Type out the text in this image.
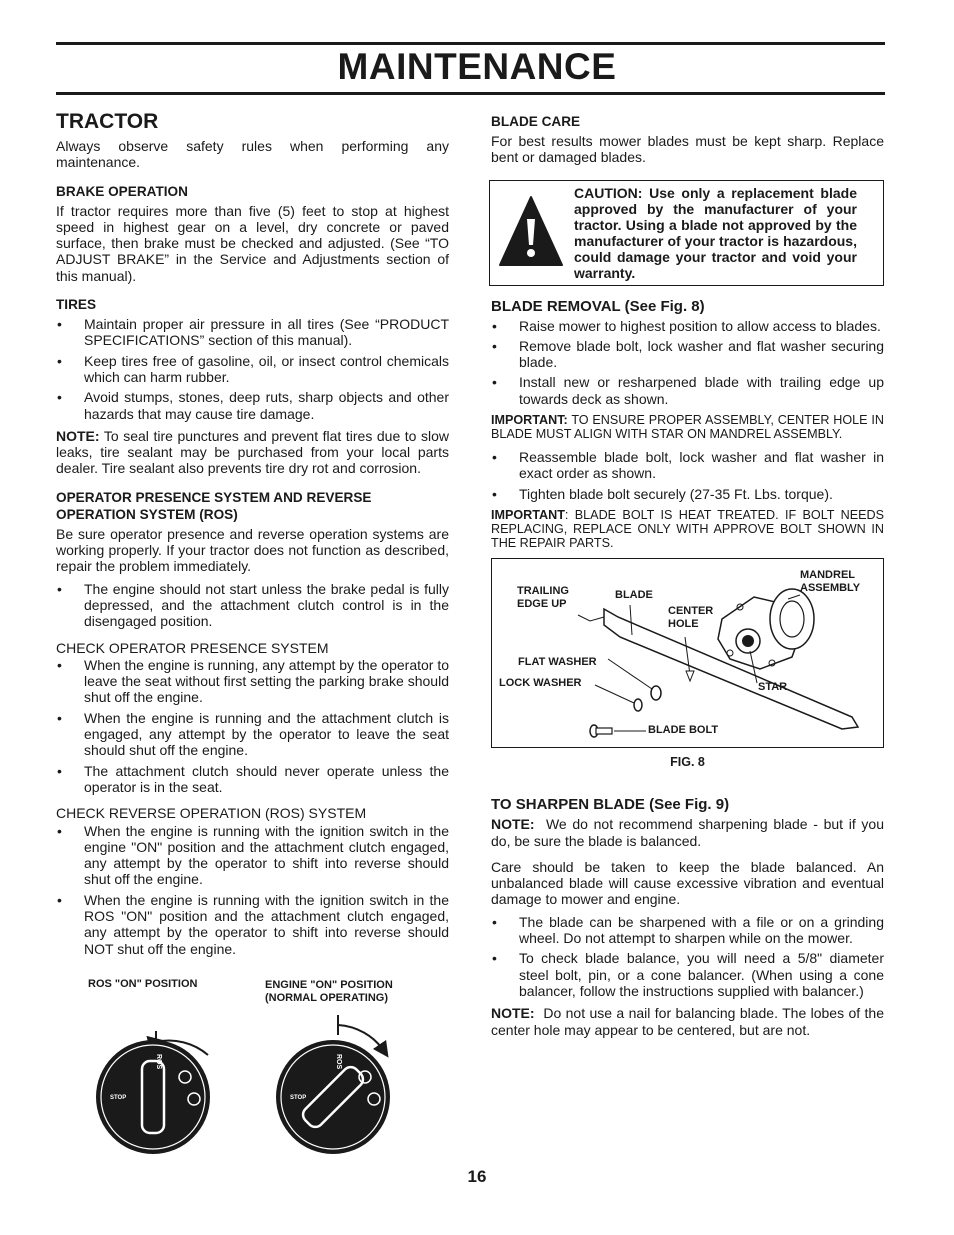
MAINTENANCE
TRACTOR

Always observe safety rules when performing any maintenance.

BRAKE OPERATION

If tractor requires more than five (5) feet to stop at highest speed in highest gear on a level, dry concrete or paved surface, then brake must be checked and adjusted. (See “TO ADJUST BRAKE” in the Service and Adjustments section of this manual).

TIRES
• Maintain proper air pressure in all tires (See “PRODUCT SPECIFICATIONS” section of this manual).
• Keep tires free of gasoline, oil, or insect control chemicals which can harm rubber.
• Avoid stumps, stones, deep ruts, sharp objects and other hazards that may cause tire damage.

NOTE: To seal tire punctures and prevent flat tires due to slow leaks, tire sealant may be purchased from your local parts dealer. Tire sealant also prevents tire dry rot and corrosion.

OPERATOR PRESENCE SYSTEM AND REVERSE OPERATION SYSTEM (ROS)

Be sure operator presence and reverse operation systems are working properly. If your tractor does not function as described, repair the problem immediately.

• The engine should not start unless the brake pedal is fully depressed, and the attachment clutch control is in the disengaged position.

CHECK OPERATOR PRESENCE SYSTEM

• When the engine is running, any attempt by the operator to leave the seat without first setting the parking brake should shut off the engine.
• When the engine is running and the attachment clutch is engaged, any attempt by the operator to leave the seat should shut off the engine.
• The attachment clutch should never operate unless the operator is in the seat.

CHECK REVERSE OPERATION (ROS) SYSTEM

• When the engine is running with the ignition switch in the engine "ON" position and the attachment clutch engaged, any attempt by the operator to shift into reverse should shut off the engine.
• When the engine is running with the ignition switch in the ROS "ON" position and the attachment clutch engaged, any attempt by the operator to shift into reverse should NOT shut off the engine.
ROS "ON" POSITION	ENGINE "ON" POSITION
(NORMAL OPERATING)
STOP
ROS
STOP
ROS
BLADE CARE

For best results mower blades must be kept sharp. Replace bent or damaged blades.

CAUTION: Use only a replacement blade approved by the manufacturer of your tractor. Using a blade not approved by the manufacturer of your tractor is hazardous, could damage your tractor and void your warranty.
BLADE REMOVAL (See Fig. 8)
• Raise mower to highest position to allow access to blades.
• Remove blade bolt, lock washer and flat washer securing blade.
• Install new or resharpened blade with trailing edge up towards deck as shown.

IMPORTANT: TO ENSURE PROPER ASSEMBLY, CENTER HOLE IN BLADE MUST ALIGN WITH STAR ON MANDREL ASSEMBLY.

• Reassemble blade bolt, lock washer and flat washer in exact order as shown.
• Tighten blade bolt securely (27-35 Ft. Lbs. torque).

IMPORTANT: BLADE BOLT IS HEAT TREATED. IF BOLT NEEDS REPLACING, REPLACE ONLY WITH APPROVE BOLT SHOWN IN THE REPAIR PARTS.

TRAILING
EDGE UP
BLADE
CENTER
HOLE
MANDREL
ASSEMBLY
FLAT WASHER
LOCK WASHER	STAR
BLADE BOLT

FIG. 8

TO SHARPEN BLADE (See Fig. 9)

NOTE: We do not recommend sharpening blade - but if you do, be sure the blade is balanced.

Care should be taken to keep the blade balanced. An unbalanced blade will cause excessive vibration and eventual damage to mower and engine.

• The blade can be sharpened with a file or on a grinding wheel. Do not attempt to sharpen while on the mower.
• To check blade balance, you will need a 5/8" diameter steel bolt, pin, or a cone balancer. (When using a cone balancer, follow the instructions supplied with balancer.)

NOTE: Do not use a nail for balancing blade. The lobes of the center hole may appear to be centered, but are not.

16
